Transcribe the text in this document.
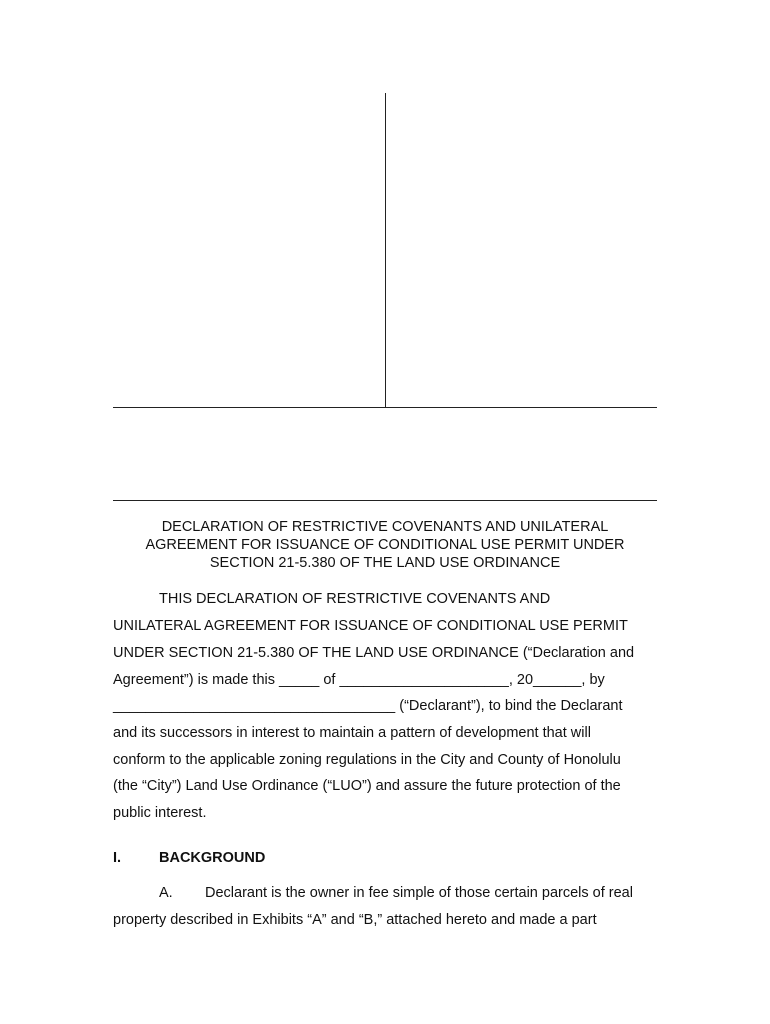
DECLARATION OF RESTRICTIVE COVENANTS AND UNILATERAL
AGREEMENT FOR ISSUANCE OF CONDITIONAL USE PERMIT UNDER
SECTION 21-5.380 OF THE LAND USE ORDINANCE
THIS DECLARATION OF RESTRICTIVE COVENANTS AND
UNILATERAL AGREEMENT FOR ISSUANCE OF CONDITIONAL USE PERMIT
UNDER SECTION 21-5.380 OF THE LAND USE ORDINANCE (“Declaration and
Agreement”) is made this _____ of _____________________, 20______, by
___________________________________ (“Declarant”), to bind the Declarant
and its successors in interest to maintain a pattern of development that will
conform to the applicable zoning regulations in the City and County of Honolulu
(the “City”) Land Use Ordinance (“LUO”) and assure the future protection of the
public interest.
I.	BACKGROUND
A. Declarant is the owner in fee simple of those certain parcels of real
property described in Exhibits “A” and “B,” attached hereto and made a part
